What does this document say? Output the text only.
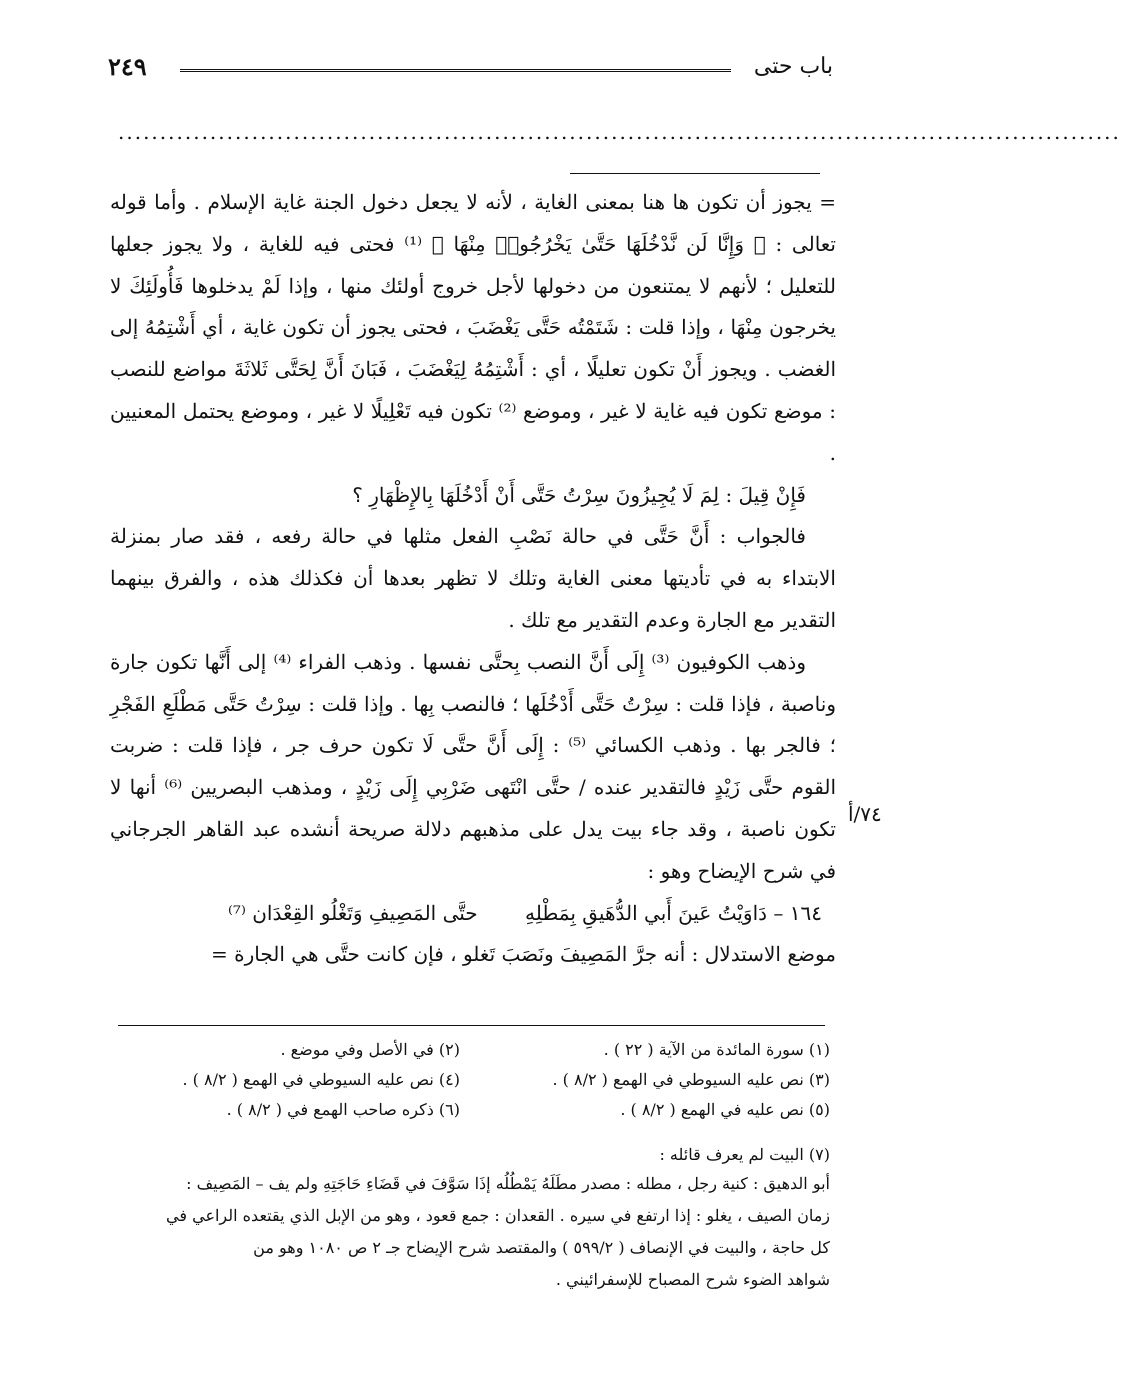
باب حتى
٢٤٩
........................................................................................................................
٧٤/أ

= يجوز أن تكون ها هنا بمعنى الغاية ، لأنه لا يجعل دخول الجنة غاية الإسلام . وأما قوله تعالى : ﴿ وَإِنَّا لَن نَّدْخُلَهَا حَتَّىٰ يَخْرُجُوا۟ مِنْهَا ﴾ ⁽¹⁾ فحتى فيه للغاية ، ولا يجوز جعلها للتعليل ؛ لأنهم لا يمتنعون من دخولها لأجل خروج أولئك منها ، وإذا لَمْ يدخلوها فَأُولَئِكَ لا يخرجون مِنْهَا ، وإذا قلت : شَتَمْتُه حَتَّى يَغْضَبَ ، فحتى يجوز أن تكون غاية ، أي أَشْتِمُهُ إلى الغضب . ويجوز أَنْ تكون تعليلًا ، أي : أَشْتِمُهُ لِيَغْضَبَ ، فَبَانَ أَنَّ لِحَتَّى ثَلاثَةَ مواضع للنصب : موضع تكون فيه غاية لا غير ، وموضع ⁽²⁾ تكون فيه تَعْلِيلًا لا غير ، وموضع يحتمل المعنيين .

فَإِنْ قِيلَ : لِمَ لَا يُجِيزُونَ سِرْتُ حَتَّى أَنْ أَدْخُلَهَا بِالإِظْهَارِ ؟

فالجواب : أَنَّ حَتَّى في حالة نَصْبِ الفعل مثلها في حالة رفعه ، فقد صار بمنزلة الابتداء به في تأديتها معنى الغاية وتلك لا تظهر بعدها أن فكذلك هذه ، والفرق بينهما التقدير مع الجارة وعدم التقدير مع تلك .

وذهب الكوفيون ⁽³⁾ إِلَى أَنَّ النصب بِحتَّى نفسها . وذهب الفراء ⁽⁴⁾ إلى أَنَّها تكون جارة وناصبة ، فإذا قلت : سِرْتُ حَتَّى أَدْخُلَها ؛ فالنصب بِها . وإذا قلت : سِرْتُ حَتَّى مَطْلَعِ الفَجْرِ ؛ فالجر بها . وذهب الكسائي ⁽⁵⁾ : إِلَى أَنَّ حتَّى لَا تكون حرف جر ، فإذا قلت : ضربت القوم حتَّى زَيْدٍ فالتقدير عنده / حتَّى انْتَهى ضَرْبِي إِلَى زَيْدٍ ، ومذهب البصريين ⁽⁶⁾ أنها لا تكون ناصبة ، وقد جاء بيت يدل على مذهبهم دلالة صريحة أنشده عبد القاهر الجرجاني في شرح الإيضاح وهو :

١٦٤ – دَاوَيْتُ عَينَ أَبي الدُّهَيقِ بِمَطْلِهِ
حتَّى المَصِيفِ وَتَغْلُو القِعْدَان ⁽⁷⁾

موضع الاستدلال : أنه جرَّ المَصِيفَ ونَصَبَ تَغلو ، فإن كانت حتَّى هي الجارة =

(١) سورة المائدة من الآية ( ٢٢ ) .
(٢) في الأصل وفي موضع .
(٣) نص عليه السيوطي في الهمع ( ٨/٢ ) .
(٤) نص عليه السيوطي في الهمع ( ٨/٢ ) .
(٥) نص عليه في الهمع ( ٨/٢ ) .
(٦) ذكره صاحب الهمع في ( ٨/٢ ) .
(٧) البيت لم يعرف قائله :
أبو الدهيق : كنية رجل ، مطله : مصدر مطَلَهُ يَمْطُلُه إذَا سَوَّفَ في قَضَاءِ حَاجَتِهِ ولم يف – المَصِيف :
زمان الصيف ، يغلو : إذا ارتفع في سيره . القعدان : جمع قعود ، وهو من الإبل الذي يقتعده الراعي في
كل حاجة ، والبيت في الإنصاف ( ٥٩٩/٢ ) والمقتصد شرح الإيضاح جـ ٢ ص ١٠٨٠ وهو من
شواهد الضوء شرح المصباح للإسفرائيني .
